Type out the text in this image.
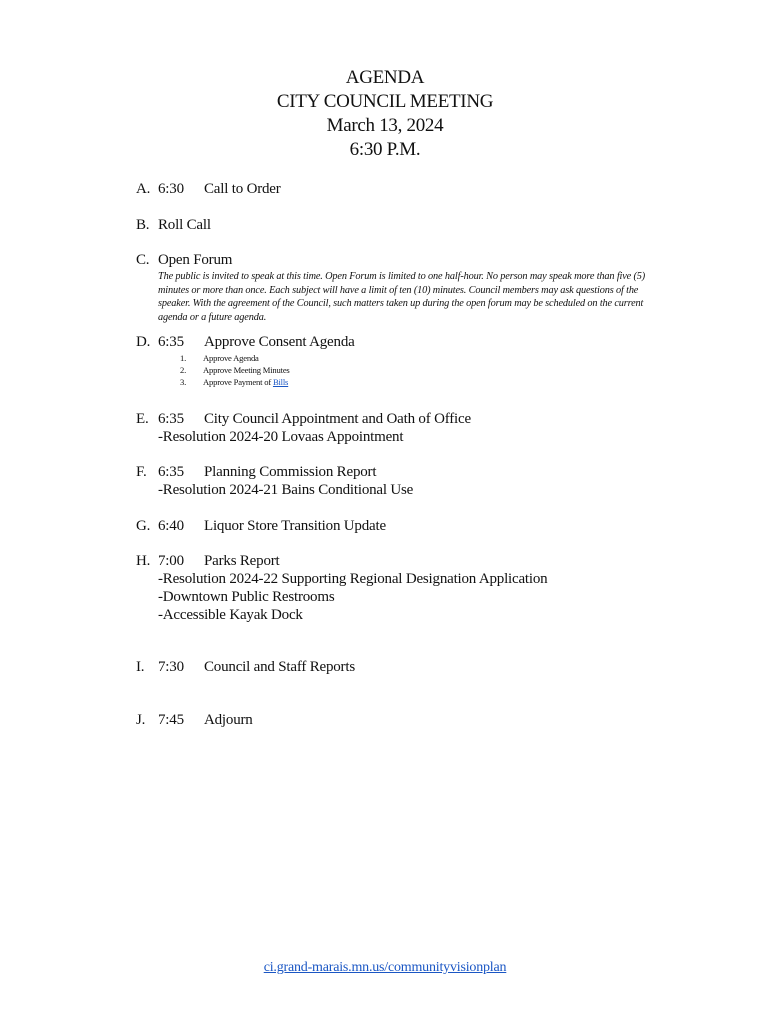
AGENDA
CITY COUNCIL MEETING
March 13, 2024
6:30 P.M.
A. 6:30	Call to Order
B. Roll Call
C. Open Forum
The public is invited to speak at this time. Open Forum is limited to one half-hour. No person may speak more than five (5) minutes or more than once. Each subject will have a limit of ten (10) minutes. Council members may ask questions of the speaker. With the agreement of the Council, such matters taken up during the open forum may be scheduled on the current agenda or a future agenda.
D. 6:35	Approve Consent Agenda
1.	Approve Agenda
2.	Approve Meeting Minutes
3.	Approve Payment of Bills
E. 6:35	City Council Appointment and Oath of Office
-Resolution 2024-20 Lovaas Appointment
F. 6:35	Planning Commission Report
-Resolution 2024-21 Bains Conditional Use
G. 6:40	Liquor Store Transition Update
H. 7:00	Parks Report
-Resolution 2024-22 Supporting Regional Designation Application
-Downtown Public Restrooms
-Accessible Kayak Dock
I. 7:30	Council and Staff Reports
J. 7:45	Adjourn
ci.grand-marais.mn.us/communityvisionplan
